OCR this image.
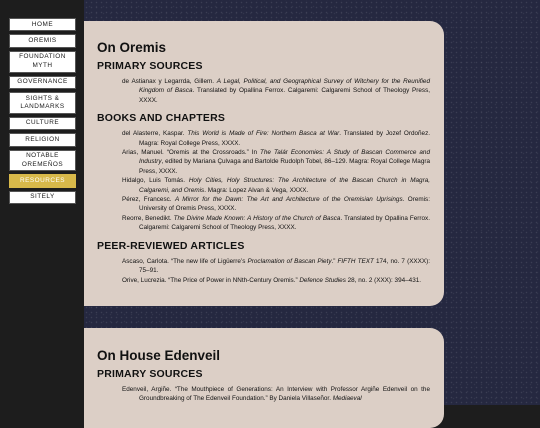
HOME
OREMIS
FOUNDATION MYTH
GOVERNANCE
SIGHTS & LANDMARKS
CULTURE
RELIGION
NOTABLE OREMEÑOS
RESOURCES
SITELY
On Oremis
PRIMARY SOURCES

de Astianax y Legarrda, Gillem. A Legal, Political, and Geographical Survey of Witchery for the Reunified Kingdom of Basca. Translated by Opallina Ferrox. Calgaremi: Calgaremi School of Theology Press, XXXX.

BOOKS AND CHAPTERS

del Alasterre, Kaspar. This World is Made of Fire: Northern Basca at War. Translated by Jozef Ordoñez. Magra: Royal College Press, XXXX.

Arias, Manuel. “Oremis at the Crossroads.” In The Talár Economies: A Study of Bascan Commerce and Industry, edited by Mariana Çulvaga and Bartolde Rudolph Tobel, 86–129. Magra: Royal College Magra Press, XXXX.

Hidalgo, Luis Tomás. Holy Cities, Holy Structures: The Architecture of the Bascan Church in Magra, Calgaremi, and Oremis. Magra: Lopez Alvan & Vega, XXXX.

Pérez, Francesc. A Mirror for the Dawn: The Art and Architecture of the Oremisian Uprisings. Oremis: University of Oremis Press, XXXX.

Reorre, Benedikt. The Divine Made Known: A History of the Church of Basca. Translated by Opallina Ferrox. Calgaremi: Calgaremi School of Theology Press, XXXX.

PEER-REVIEWED ARTICLES

Ascaso, Carlota. “The new life of Ligüerre’s Proclamation of Bascan Piety.” FIFTH TEXT 174, no. 7 (XXXX): 75–91.

Orive, Lucrezia. “The Price of Power in NNth-Century Oremis.” Defence Studies 28, no. 2 (XXX): 394–431.

On House Edenveil
PRIMARY SOURCES

Edenveil, Argiñe. “The Mouthpiece of Generations: An Interview with Professor Argiñe Edenveil on the Groundbreaking of The Edenveil Foundation.” By Daniela Villaseñor. Mediaeval
